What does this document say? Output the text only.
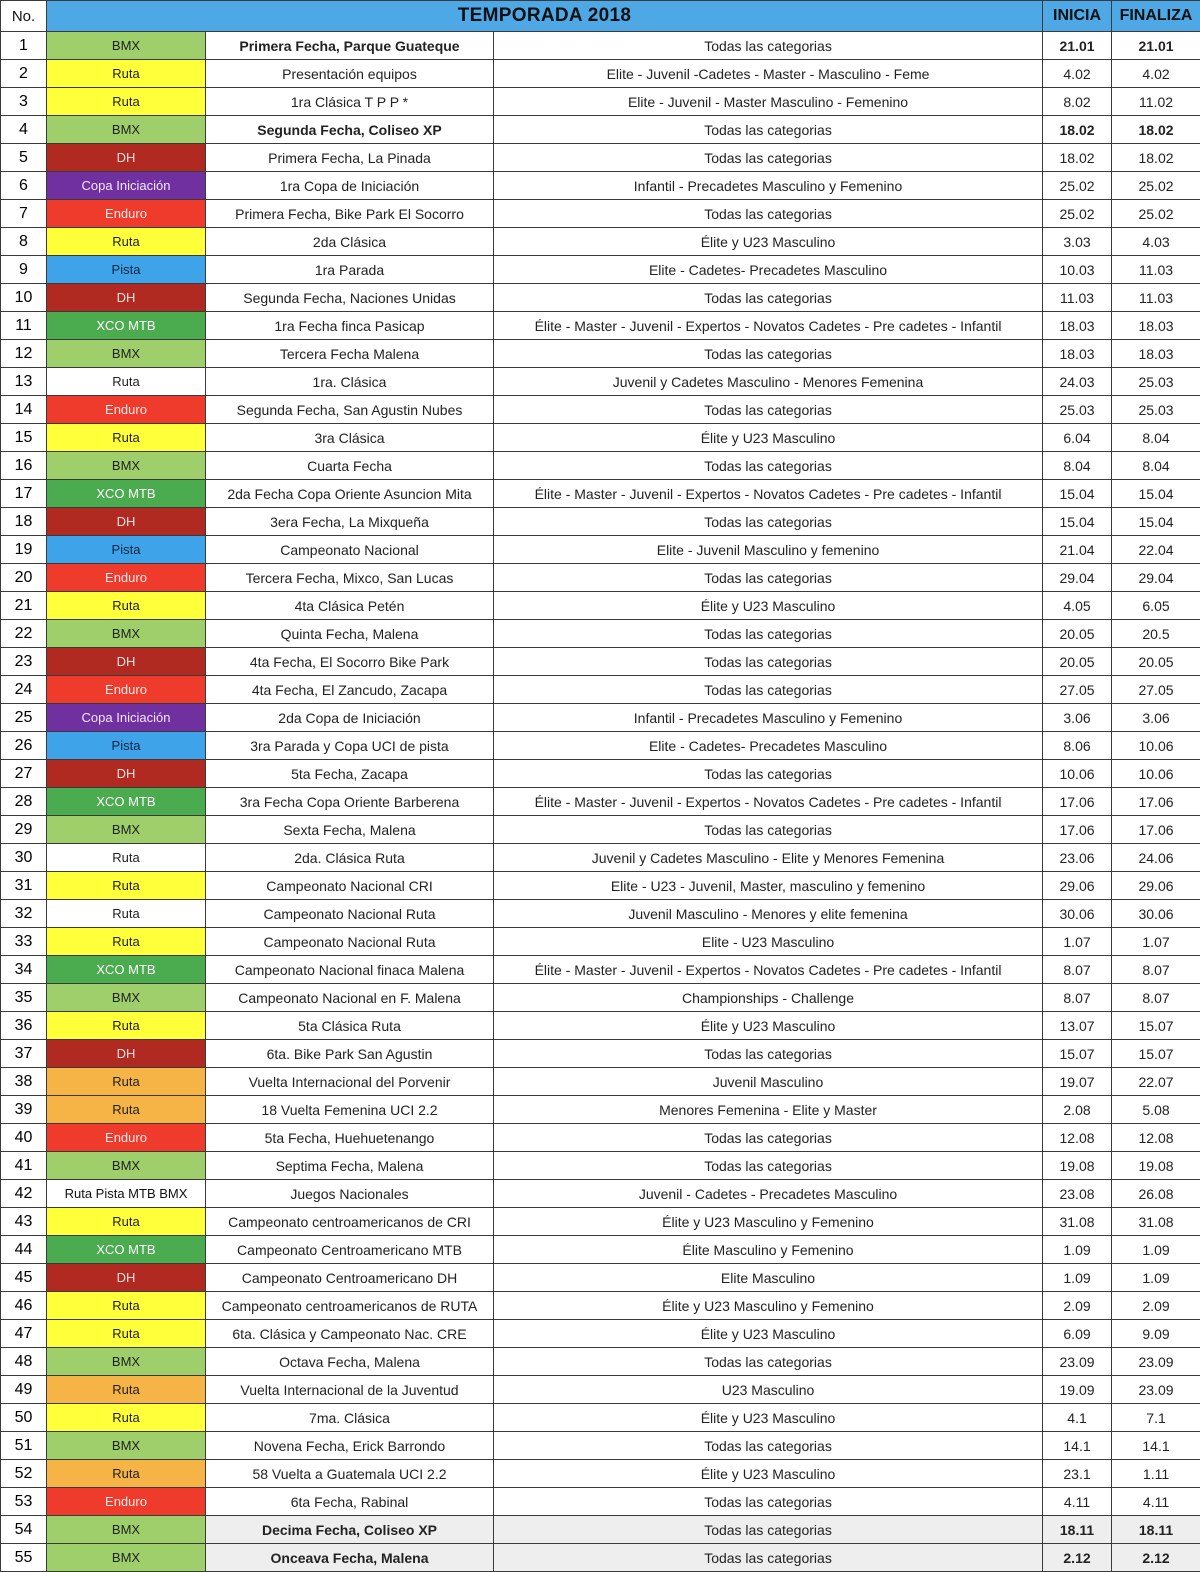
No.	TEMPORADA 2018			INICIA	FINALIZA
1	BMX	Primera Fecha, Parque Guateque	Todas las categorias	21.01	21.01
2	Ruta	Presentación equipos	Elite - Juvenil -Cadetes - Master - Masculino - Feme	4.02	4.02
3	Ruta	1ra Clásica T P P *	Elite - Juvenil - Master Masculino - Femenino	8.02	11.02
4	BMX	Segunda Fecha, Coliseo XP	Todas las categorias	18.02	18.02
5	DH	Primera Fecha, La Pinada	Todas las categorias	18.02	18.02
6	Copa Iniciación	1ra Copa de Iniciación	Infantil - Precadetes Masculino y Femenino	25.02	25.02
7	Enduro	Primera Fecha, Bike Park El Socorro	Todas las categorias	25.02	25.02
8	Ruta	2da Clásica	Élite y U23 Masculino	3.03	4.03
9	Pista	1ra Parada	Elite - Cadetes- Precadetes Masculino	10.03	11.03
10	DH	Segunda Fecha, Naciones Unidas	Todas las categorias	11.03	11.03
11	XCO MTB	1ra Fecha finca Pasicap	Élite - Master - Juvenil - Expertos - Novatos Cadetes - Pre cadetes - Infantil	18.03	18.03
12	BMX	Tercera Fecha Malena	Todas las categorias	18.03	18.03
13	Ruta	1ra. Clásica	Juvenil y Cadetes Masculino - Menores Femenina	24.03	25.03
14	Enduro	Segunda Fecha, San Agustin Nubes	Todas las categorias	25.03	25.03
15	Ruta	3ra Clásica	Élite y U23 Masculino	6.04	8.04
16	BMX	Cuarta Fecha	Todas las categorias	8.04	8.04
17	XCO MTB	2da Fecha Copa Oriente Asuncion Mita	Élite - Master - Juvenil - Expertos - Novatos Cadetes - Pre cadetes - Infantil	15.04	15.04
18	DH	3era Fecha, La Mixqueña	Todas las categorias	15.04	15.04
19	Pista	Campeonato Nacional	Elite - Juvenil Masculino y femenino	21.04	22.04
20	Enduro	Tercera Fecha, Mixco, San Lucas	Todas las categorias	29.04	29.04
21	Ruta	4ta Clásica Petén	Élite y U23 Masculino	4.05	6.05
22	BMX	Quinta Fecha, Malena	Todas las categorias	20.05	20.5
23	DH	4ta Fecha, El Socorro Bike Park	Todas las categorias	20.05	20.05
24	Enduro	4ta Fecha, El Zancudo, Zacapa	Todas las categorias	27.05	27.05
25	Copa Iniciación	2da Copa de Iniciación	Infantil - Precadetes Masculino y Femenino	3.06	3.06
26	Pista	3ra Parada y Copa UCI de pista	Elite - Cadetes- Precadetes Masculino	8.06	10.06
27	DH	5ta Fecha, Zacapa	Todas las categorias	10.06	10.06
28	XCO MTB	3ra Fecha Copa Oriente Barberena	Élite - Master - Juvenil - Expertos - Novatos Cadetes - Pre cadetes - Infantil	17.06	17.06
29	BMX	Sexta Fecha, Malena	Todas las categorias	17.06	17.06
30	Ruta	2da. Clásica Ruta	Juvenil y Cadetes Masculino - Elite y Menores Femenina	23.06	24.06
31	Ruta	Campeonato Nacional CRI	Elite - U23 - Juvenil, Master, masculino y femenino	29.06	29.06
32	Ruta	Campeonato Nacional Ruta	Juvenil Masculino - Menores y elite femenina	30.06	30.06
33	Ruta	Campeonato Nacional Ruta	Elite - U23 Masculino	1.07	1.07
34	XCO MTB	Campeonato Nacional finaca Malena	Élite - Master - Juvenil - Expertos - Novatos Cadetes - Pre cadetes - Infantil	8.07	8.07
35	BMX	Campeonato Nacional en F. Malena	Championships - Challenge	8.07	8.07
36	Ruta	5ta Clásica Ruta	Élite y U23 Masculino	13.07	15.07
37	DH	6ta. Bike Park San Agustin	Todas las categorias	15.07	15.07
38	Ruta	Vuelta Internacional del Porvenir	Juvenil Masculino	19.07	22.07
39	Ruta	18 Vuelta Femenina UCI 2.2	Menores Femenina - Elite y Master	2.08	5.08
40	Enduro	5ta Fecha, Huehuetenango	Todas las categorias	12.08	12.08
41	BMX	Septima Fecha, Malena	Todas las categorias	19.08	19.08
42	Ruta Pista MTB BMX	Juegos Nacionales	Juvenil - Cadetes - Precadetes Masculino	23.08	26.08
43	Ruta	Campeonato centroamericanos de CRI	Élite y U23 Masculino y Femenino	31.08	31.08
44	XCO MTB	Campeonato Centroamericano MTB	Élite Masculino y Femenino	1.09	1.09
45	DH	Campeonato Centroamericano DH	Elite Masculino	1.09	1.09
46	Ruta	Campeonato centroamericanos de RUTA	Élite y U23 Masculino y Femenino	2.09	2.09
47	Ruta	6ta. Clásica y Campeonato Nac. CRE	Élite y U23 Masculino	6.09	9.09
48	BMX	Octava Fecha, Malena	Todas las categorias	23.09	23.09
49	Ruta	Vuelta Internacional de la Juventud	U23 Masculino	19.09	23.09
50	Ruta	7ma. Clásica	Élite y U23 Masculino	4.1	7.1
51	BMX	Novena Fecha, Erick Barrondo	Todas las categorias	14.1	14.1
52	Ruta	58 Vuelta a Guatemala UCI 2.2	Élite y U23 Masculino	23.1	1.11
53	Enduro	6ta Fecha, Rabinal	Todas las categorias	4.11	4.11
54	BMX	Decima Fecha, Coliseo XP	Todas las categorias	18.11	18.11
55	BMX	Onceava Fecha, Malena	Todas las categorias	2.12	2.12
